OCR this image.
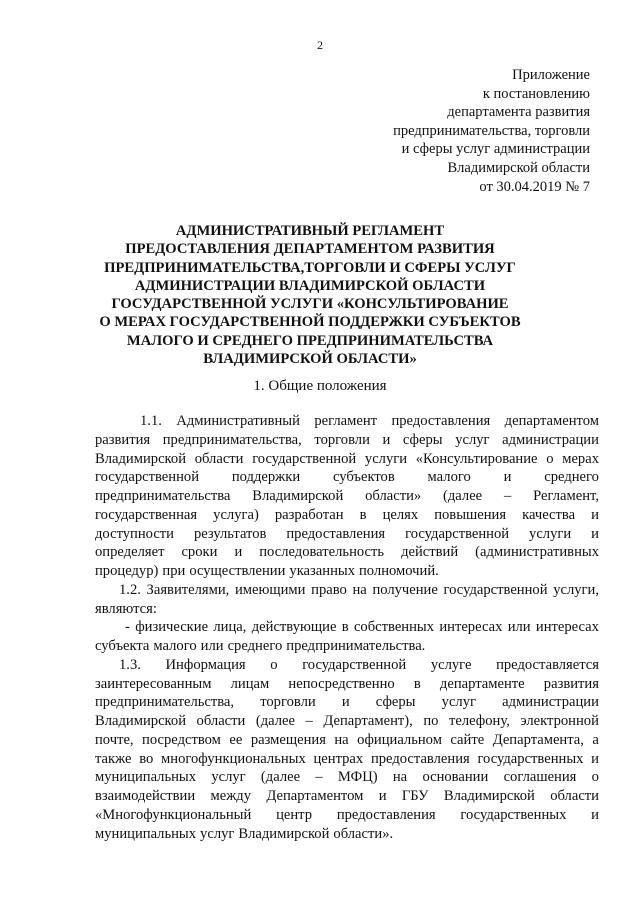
2
Приложение
к постановлению
департамента развития
предпринимательства, торговли
и сферы услуг администрации
Владимирской области
от 30.04.2019 № 7
АДМИНИСТРАТИВНЫЙ РЕГЛАМЕНТ
ПРЕДОСТАВЛЕНИЯ ДЕПАРТАМЕНТОМ РАЗВИТИЯ
ПРЕДПРИНИМАТЕЛЬСТВА,ТОРГОВЛИ И СФЕРЫ УСЛУГ
АДМИНИСТРАЦИИ ВЛАДИМИРСКОЙ ОБЛАСТИ
ГОСУДАРСТВЕННОЙ УСЛУГИ «КОНСУЛЬТИРОВАНИЕ
О МЕРАХ ГОСУДАРСТВЕННОЙ ПОДДЕРЖКИ СУБЪЕКТОВ
МАЛОГО И СРЕДНЕГО ПРЕДПРИНИМАТЕЛЬСТВА
ВЛАДИМИРСКОЙ ОБЛАСТИ»
1. Общие положения
1.1. Административный регламент предоставления департаментом
развития предпринимательства, торговли и сферы услуг администрации
Владимирской области государственной услуги «Консультирование о мерах
государственной поддержки субъектов малого и среднего
предпринимательства Владимирской области» (далее – Регламент,
государственная услуга) разработан в целях повышения качества и
доступности результатов предоставления государственной услуги и
определяет сроки и последовательность действий (административных
процедур) при осуществлении указанных полномочий.
1.2. Заявителями, имеющими право на получение государственной услуги,
являются:
- физические лица, действующие в собственных интересах или интересах
субъекта малого или среднего предпринимательства.
1.3. Информация о государственной услуге предоставляется
заинтересованным лицам непосредственно в департаменте развития
предпринимательства, торговли и сферы услуг администрации
Владимирской области (далее – Департамент), по телефону, электронной
почте, посредством ее размещения на официальном сайте Департамента, а
также во многофункциональных центрах предоставления государственных и
муниципальных услуг (далее – МФЦ) на основании соглашения о
взаимодействии между Департаментом и ГБУ Владимирской области
«Многофункциональный центр предоставления государственных и
муниципальных услуг Владимирской области».
